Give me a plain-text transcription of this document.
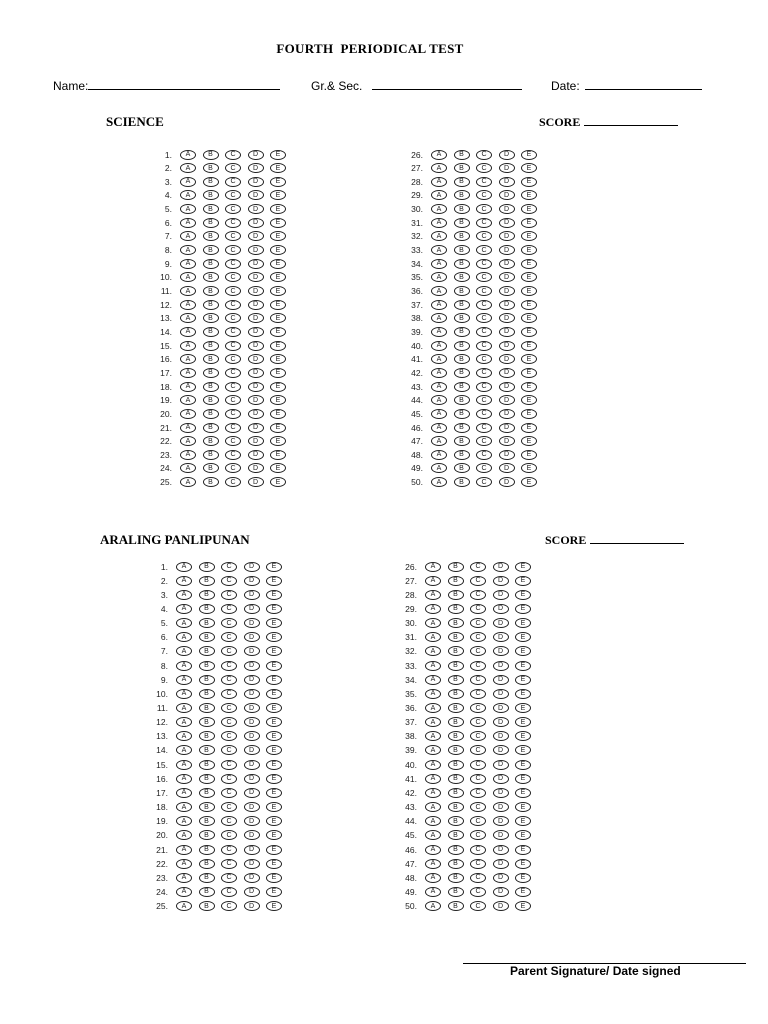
FOURTH  PERIODICAL TEST
Name:	Gr.& Sec.	Date:
SCIENCE	SCORE
1.	A	B	C	D	E
2.	A	B	C	D	E
3.	A	B	C	D	E
4.	A	B	C	D	E
5.	A	B	C	D	E
6.	A	B	C	D	E
7.	A	B	C	D	E
8.	A	B	C	D	E
9.	A	B	C	D	E
10.	A	B	C	D	E
11.	A	B	C	D	E
12.	A	B	C	D	E
13.	A	B	C	D	E
14.	A	B	C	D	E
15.	A	B	C	D	E
16.	A	B	C	D	E
17.	A	B	C	D	E
18.	A	B	C	D	E
19.	A	B	C	D	E
20.	A	B	C	D	E
21.	A	B	C	D	E
22.	A	B	C	D	E
23.	A	B	C	D	E
24.	A	B	C	D	E
25.	A	B	C	D	E
26.	A	B	C	D	E
27.	A	B	C	D	E
28.	A	B	C	D	E
29.	A	B	C	D	E
30.	A	B	C	D	E
31.	A	B	C	D	E
32.	A	B	C	D	E
33.	A	B	C	D	E
34.	A	B	C	D	E
35.	A	B	C	D	E
36.	A	B	C	D	E
37.	A	B	C	D	E
38.	A	B	C	D	E
39.	A	B	C	D	E
40.	A	B	C	D	E
41.	A	B	C	D	E
42.	A	B	C	D	E
43.	A	B	C	D	E
44.	A	B	C	D	E
45.	A	B	C	D	E
46.	A	B	C	D	E
47.	A	B	C	D	E
48.	A	B	C	D	E
49.	A	B	C	D	E
50.	A	B	C	D	E
ARALING PANLIPUNAN	SCORE
1.	A	B	C	D	E
2.	A	B	C	D	E
3.	A	B	C	D	E
4.	A	B	C	D	E
5.	A	B	C	D	E
6.	A	B	C	D	E
7.	A	B	C	D	E
8.	A	B	C	D	E
9.	A	B	C	D	E
10.	A	B	C	D	E
11.	A	B	C	D	E
12.	A	B	C	D	E
13.	A	B	C	D	E
14.	A	B	C	D	E
15.	A	B	C	D	E
16.	A	B	C	D	E
17.	A	B	C	D	E
18.	A	B	C	D	E
19.	A	B	C	D	E
20.	A	B	C	D	E
21.	A	B	C	D	E
22.	A	B	C	D	E
23.	A	B	C	D	E
24.	A	B	C	D	E
25.	A	B	C	D	E
26.	A	B	C	D	E
27.	A	B	C	D	E
28.	A	B	C	D	E
29.	A	B	C	D	E
30.	A	B	C	D	E
31.	A	B	C	D	E
32.	A	B	C	D	E
33.	A	B	C	D	E
34.	A	B	C	D	E
35.	A	B	C	D	E
36.	A	B	C	D	E
37.	A	B	C	D	E
38.	A	B	C	D	E
39.	A	B	C	D	E
40.	A	B	C	D	E
41.	A	B	C	D	E
42.	A	B	C	D	E
43.	A	B	C	D	E
44.	A	B	C	D	E
45.	A	B	C	D	E
46.	A	B	C	D	E
47.	A	B	C	D	E
48.	A	B	C	D	E
49.	A	B	C	D	E
50.	A	B	C	D	E
Parent Signature/ Date signed
